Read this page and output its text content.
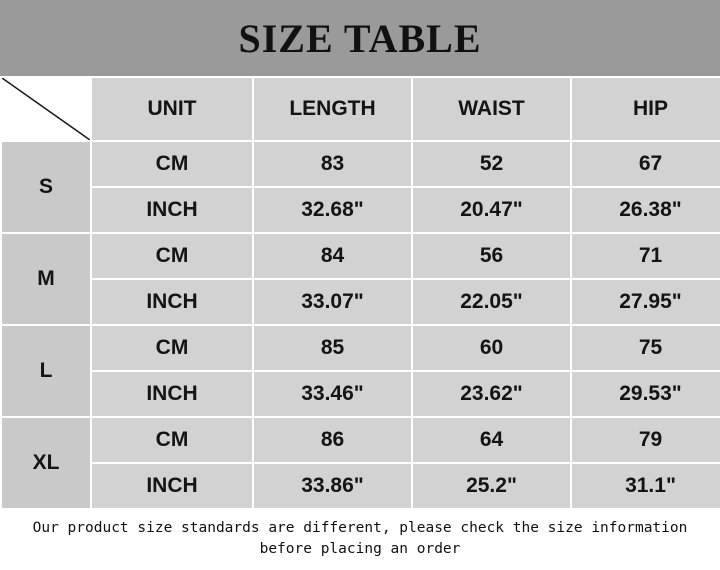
SIZE TABLE
	UNIT	LENGTH	WAIST	HIP
S	CM	83	52	67
	INCH	32.68"	20.47"	26.38"
M	CM	84	56	71
	INCH	33.07"	22.05"	27.95"
L	CM	85	60	75
	INCH	33.46"	23.62"	29.53"
XL	CM	86	64	79
	INCH	33.86"	25.2"	31.1"
Our product size standards are different, please check the size information
before placing an order
